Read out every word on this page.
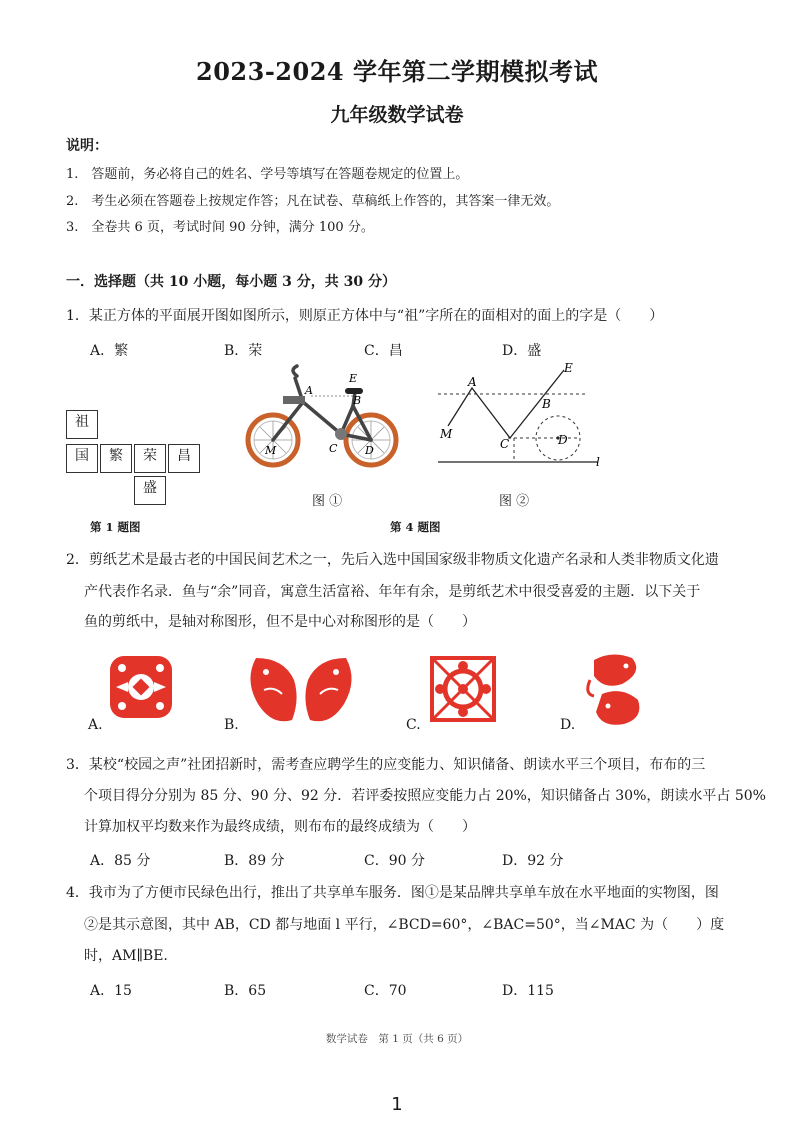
2023-2024 学年第二学期模拟考试
九年级数学试卷
说明：
1.　答题前，务必将自己的姓名、学号等填写在答题卷规定的位置上。
2.　考生必须在答题卷上按规定作答；凡在试卷、草稿纸上作答的，其答案一律无效。
3.　全卷共 6 页，考试时间 90 分钟，满分 100 分。
一．选择题（共 10 小题，每小题 3 分，共 30 分）
1．某正方体的平面展开图如图所示，则原正方体中与“祖”字所在的面相对的面上的字是（　　）
A．繁	B．荣	C．昌	D．盛
祖
国	繁	荣	昌
盛
第 1 题图
A
E
B
C	D
M
图 ①
A
E
B
C	D
M
l
图 ②
第 4 题图
2．剪纸艺术是最古老的中国民间艺术之一，先后入选中国国家级非物质文化遗产名录和人类非物质文化遗
产代表作名录．鱼与“余”同音，寓意生活富裕、年年有余，是剪纸艺术中很受喜爱的主题．以下关于
鱼的剪纸中，是轴对称图形，但不是中心对称图形的是（　　）
A.	B.	C.	D.
3．某校“校园之声”社团招新时，需考查应聘学生的应变能力、知识储备、朗读水平三个项目，布布的三
个项目得分分别为 85 分、90 分、92 分．若评委按照应变能力占 20%，知识储备占 30%，朗读水平占 50%
计算加权平均数来作为最终成绩，则布布的最终成绩为（　　）
A．85 分	B．89 分	C．90 分	D．92 分
4．我市为了方便市民绿色出行，推出了共享单车服务．图①是某品牌共享单车放在水平地面的实物图，图
②是其示意图，其中 AB，CD 都与地面 l 平行，∠BCD=60°，∠BAC=50°，当∠MAC 为（　　）度
时，AM∥BE.
A．15	B．65	C．70	D．115
数学试卷　第 1 页（共 6 页）
1
